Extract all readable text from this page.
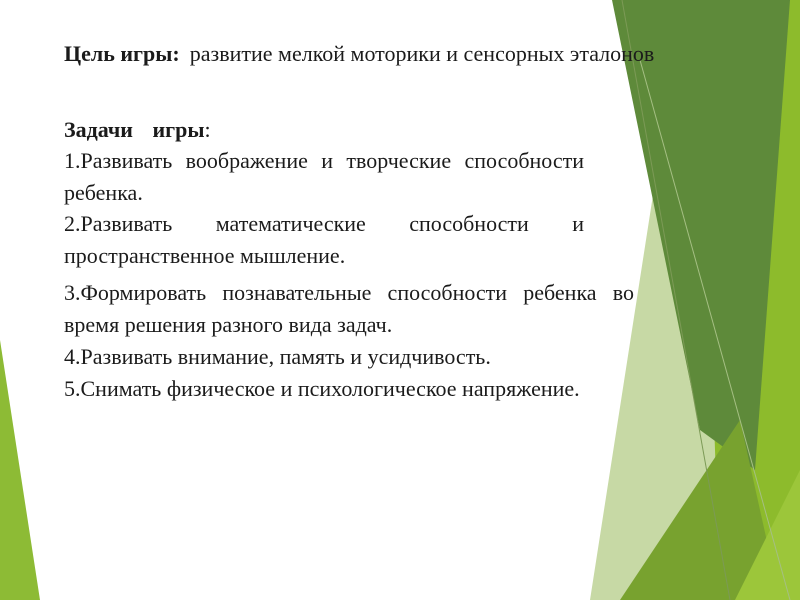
Цель игры: развитие мелкой моторики и сенсорных эталонов
Задачи игры:
1.Развивать воображение и творческие способности ребенка.
2.Развивать математические способности и пространственное мышление.
3.Формировать познавательные способности ребенка во время решения разного вида задач.
4.Развивать внимание, память и усидчивость.
5.Снимать физическое и психологическое напряжение.
